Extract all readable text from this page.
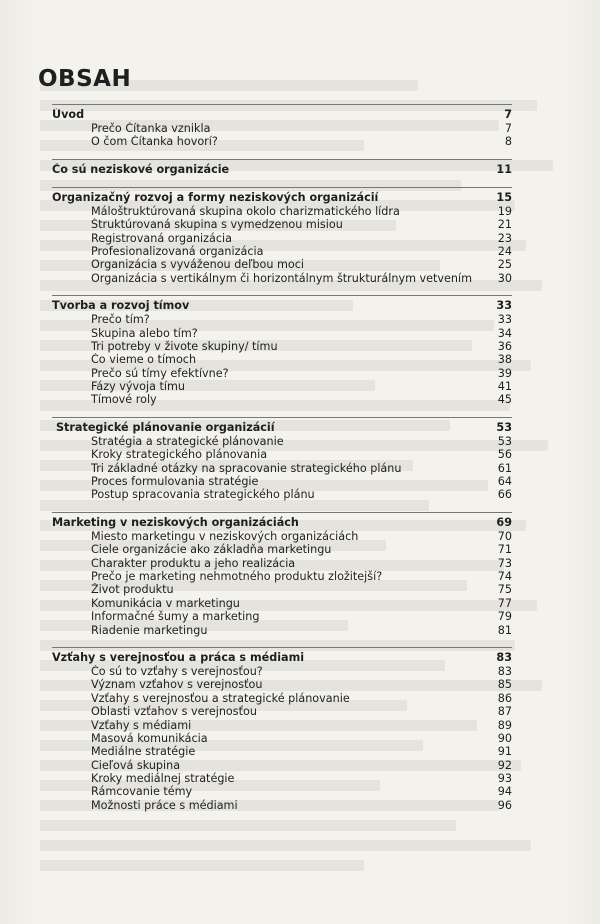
OBSAH
Úvod	7
Prečo Čítanka vznikla	7
O čom Čítanka hovorí?	8
Čo sú neziskové organizácie	11
Organizačný rozvoj a formy neziskových organizácií	15
Máloštruktúrovaná skupina okolo charizmatického lídra	19
Štruktúrovaná skupina s vymedzenou misiou	21
Registrovaná organizácia	23
Profesionalizovaná organizácia	24
Organizácia s vyváženou deľbou moci	25
Organizácia s vertikálnym či horizontálnym štrukturálnym vetvením	30
Tvorba a rozvoj tímov	33
Prečo tím?	33
Skupina alebo tím?	34
Tri potreby v živote skupiny/ tímu	36
Čo vieme o tímoch	38
Prečo sú tímy efektívne?	39
Fázy vývoja tímu	41
Tímové roly	45
Strategické plánovanie organizácií	53
Stratégia a strategické plánovanie	53
Kroky strategického plánovania	56
Tri základné otázky na spracovanie strategického plánu	61
Proces formulovania stratégie	64
Postup spracovania strategického plánu	66
Marketing v neziskových organizáciách	69
Miesto marketingu v neziskových organizáciách	70
Ciele organizácie ako základňa marketingu	71
Charakter produktu a jeho realizácia	73
Prečo je marketing nehmotného produktu zložitejší?	74
Život produktu	75
Komunikácia v marketingu	77
Informačné šumy a marketing	79
Riadenie marketingu	81
Vzťahy s verejnosťou a práca s médiami	83
Čo sú to vzťahy s verejnosťou?	83
Význam vzťahov s verejnosťou	85
Vzťahy s verejnosťou a strategické plánovanie	86
Oblasti vzťahov s verejnosťou	87
Vzťahy s médiami	89
Masová komunikácia	90
Mediálne stratégie	91
Cieľová skupina	92
Kroky mediálnej stratégie	93
Rámcovanie témy	94
Možnosti práce s médiami	96
